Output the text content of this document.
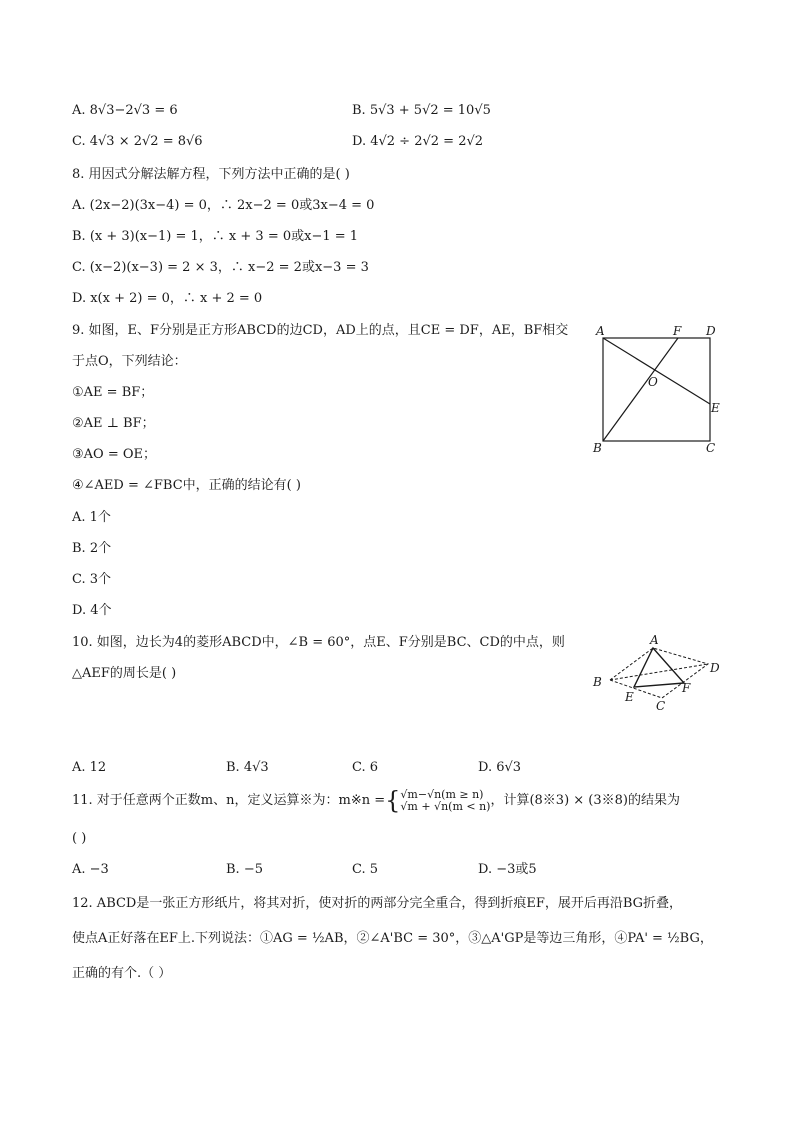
A. 8√3−2√3 = 6	B. 5√3 + 5√2 = 10√5
C. 4√3 × 2√2 = 8√6	D. 4√2 ÷ 2√2 = 2√2
8. 用因式分解法解方程，下列方法中正确的是( )
A. (2x−2)(3x−4) = 0，∴ 2x−2 = 0或3x−4 = 0
B. (x + 3)(x−1) = 1，∴ x + 3 = 0或x−1 = 1
C. (x−2)(x−3) = 2 × 3，∴ x−2 = 2或x−3 = 3
D. x(x + 2) = 0，∴ x + 2 = 0
9. 如图，E、F分别是正方形ABCD的边CD，AD上的点，且CE = DF，AE，BF相交
于点O，下列结论：
①AE = BF；
②AE ⊥ BF；
③AO = OE；
④∠AED = ∠FBC中，正确的结论有( )
A. 1个
B. 2个
C. 3个
D. 4个
A	F D
O
E
B	C
10. 如图，边长为4的菱形ABCD中，∠B = 60°，点E、F分别是BC、CD的中点，则
△AEF的周长是( )
A
B
D
E
F
C
A. 12	B. 4√3	C. 6	D. 6√3
11. 对于任意两个正数m、n，定义运算※为：m※n ={ √m−√n(m ≥ n)
√m + √n(m < n) ，计算(8※3) × (3※8)的结果为
( )
A. −3	B. −5	C. 5	D. −3或5
12. ABCD是一张正方形纸片，将其对折，使对折的两部分完全重合，得到折痕EF，展开后再沿BG折叠，
使点A正好落在EF上.下列说法：①AG = ½AB，②∠A'BC = 30°，③△A'GP是等边三角形，④PA' = ½BG，
正确的有个.（ ）
